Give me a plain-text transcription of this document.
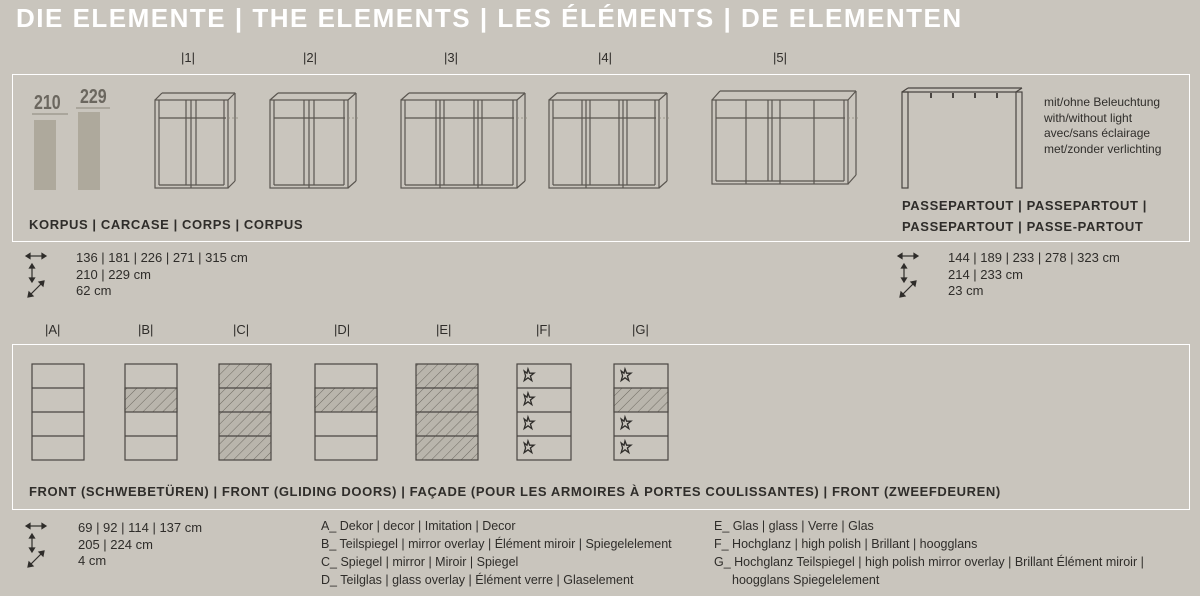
DIE ELEMENTE | THE ELEMENTS | LES ÉLÉMENTS | DE ELEMENTEN
|1|	|2|	|3|	|4|	|5|
210 229
KORPUS | CARCASE | CORPS | CORPUS
mit/ohne Beleuchtung
with/without light
avec/sans éclairage
met/zonder verlichting
PASSEPARTOUT | PASSEPARTOUT |
PASSEPARTOUT | PASSE-PARTOUT
136 | 181 | 226 | 271 | 315 cm
210 | 229 cm
62 cm
144 | 189 | 233 | 278 | 323 cm
214 | 233 cm
23 cm
|A|	|B|	|C|	|D|	|E|	|F|	|G|
FRONT (SCHWEBETÜREN) | FRONT (GLIDING DOORS) | FAÇADE (POUR LES ARMOIRES À PORTES COULISSANTES) | FRONT (ZWEEFDEUREN)
69 | 92 | 114 | 137 cm
205 | 224 cm
4 cm
A_ Dekor | decor | Imitation | Decor
B_ Teilspiegel | mirror overlay | Élément miroir | Spiegelelement
C_ Spiegel | mirror | Miroir | Spiegel
D_ Teilglas | glass overlay | Élément verre | Glaselement
E_ Glas | glass | Verre | Glas
F_ Hochglanz | high polish | Brillant | hoogglans
G_ Hochglanz Teilspiegel | high polish mirror overlay | Brillant Élément miroir |
hoogglans Spiegelelement
